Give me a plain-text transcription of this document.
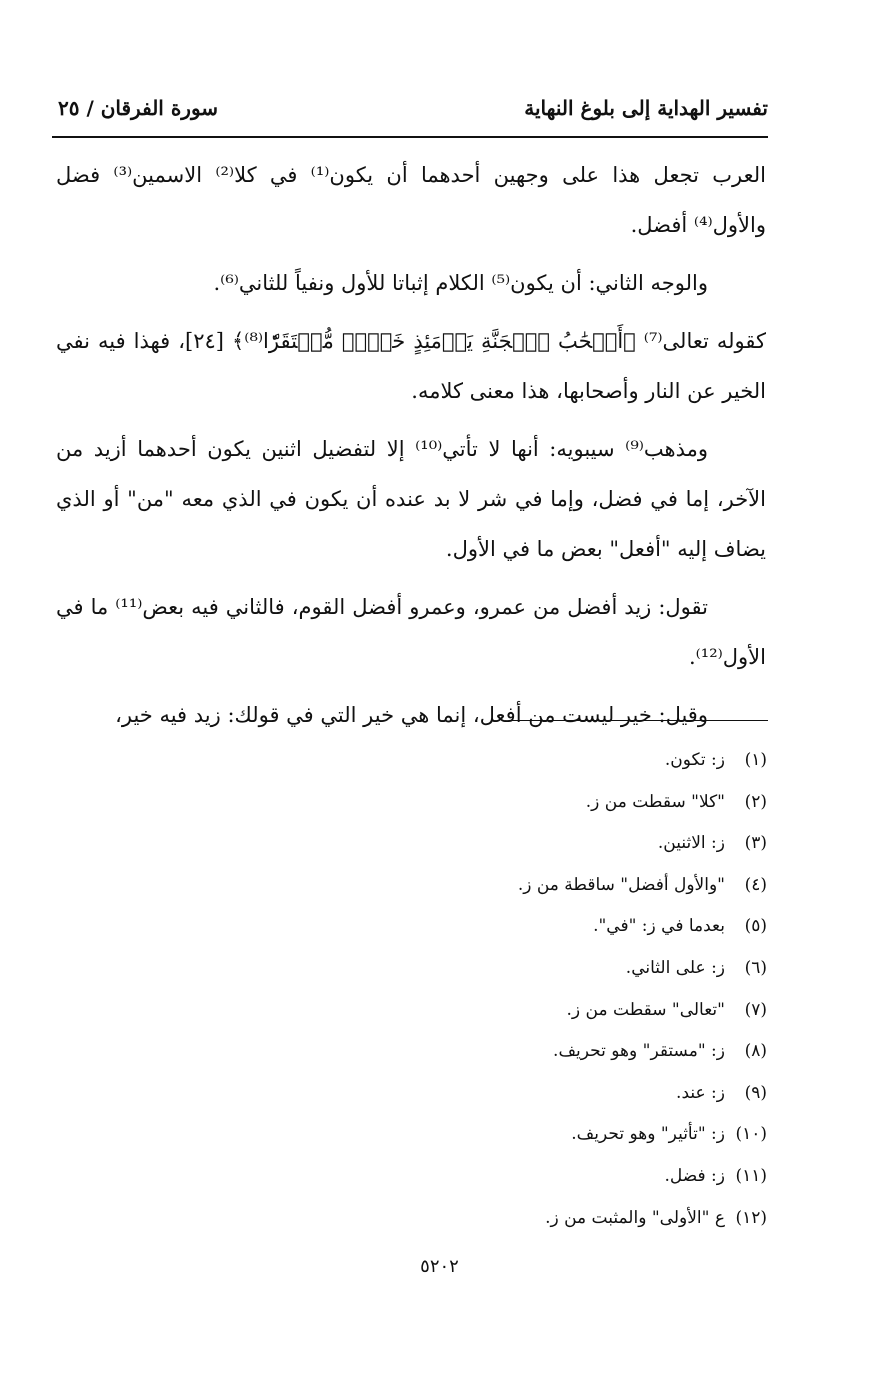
تفسير الهداية إلى بلوغ النهاية
سورة الفرقان / ٢٥

العرب تجعل هذا على وجهين أحدهما أن يكون⁽¹⁾ في كلا⁽²⁾ الاسمين⁽³⁾ فضل والأول⁽⁴⁾ أفضل.

والوجه الثاني: أن يكون⁽⁵⁾ الكلام إثباتا للأول ونفياً للثاني⁽⁶⁾.

كقوله تعالى⁽⁷⁾ ﴿أَصۡحَٰبُ ٱلۡجَنَّةِ يَوۡمَئِذٍ خَيۡرٞ مُّسۡتَقَرّٗا⁽⁸⁾﴾ [٢٤]، فهذا فيه نفي الخير عن النار وأصحابها، هذا معنى كلامه.

ومذهب⁽⁹⁾ سيبويه: أنها لا تأتي⁽¹⁰⁾ إلا لتفضيل اثنين يكون أحدهما أزيد من الآخر، إما في فضل، وإما في شر لا بد عنده أن يكون في الذي معه "من" أو الذي يضاف إليه "أفعل" بعض ما في الأول.

تقول: زيد أفضل من عمرو، وعمرو أفضل القوم، فالثاني فيه بعض⁽¹¹⁾ ما في الأول⁽¹²⁾.

وقيل: خير ليست من أفعل، إنما هي خير التي في قولك: زيد فيه خير،

(١)ز: تكون.
(٢)"كلا" سقطت من ز.
(٣)ز: الاثنين.
(٤)"والأول أفضل" ساقطة من ز.
(٥)بعدما في ز: "في".
(٦)ز: على الثاني.
(٧)"تعالى" سقطت من ز.
(٨)ز: "مستقر" وهو تحريف.
(٩)ز: عند.
(١٠)ز: "تأثير" وهو تحريف.
(١١)ز: فضل.
(١٢)ع "الأولى" والمثبت من ز.
٥٢٠٢
